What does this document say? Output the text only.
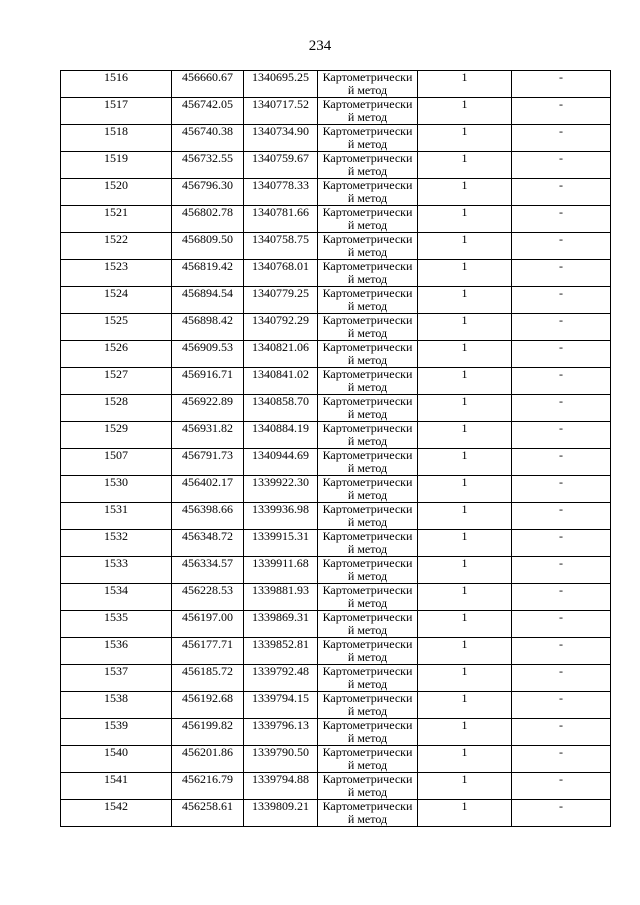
234
1516	456660.67	1340695.25	Картометрически
й метод	1	-
1517	456742.05	1340717.52	Картометрически
й метод	1	-
1518	456740.38	1340734.90	Картометрически
й метод	1	-
1519	456732.55	1340759.67	Картометрически
й метод	1	-
1520	456796.30	1340778.33	Картометрически
й метод	1	-
1521	456802.78	1340781.66	Картометрически
й метод	1	-
1522	456809.50	1340758.75	Картометрически
й метод	1	-
1523	456819.42	1340768.01	Картометрически
й метод	1	-
1524	456894.54	1340779.25	Картометрически
й метод	1	-
1525	456898.42	1340792.29	Картометрически
й метод	1	-
1526	456909.53	1340821.06	Картометрически
й метод	1	-
1527	456916.71	1340841.02	Картометрически
й метод	1	-
1528	456922.89	1340858.70	Картометрически
й метод	1	-
1529	456931.82	1340884.19	Картометрически
й метод	1	-
1507	456791.73	1340944.69	Картометрически
й метод	1	-
1530	456402.17	1339922.30	Картометрически
й метод	1	-
1531	456398.66	1339936.98	Картометрически
й метод	1	-
1532	456348.72	1339915.31	Картометрически
й метод	1	-
1533	456334.57	1339911.68	Картометрически
й метод	1	-
1534	456228.53	1339881.93	Картометрически
й метод	1	-
1535	456197.00	1339869.31	Картометрически
й метод	1	-
1536	456177.71	1339852.81	Картометрически
й метод	1	-
1537	456185.72	1339792.48	Картометрически
й метод	1	-
1538	456192.68	1339794.15	Картометрически
й метод	1	-
1539	456199.82	1339796.13	Картометрически
й метод	1	-
1540	456201.86	1339790.50	Картометрически
й метод	1	-
1541	456216.79	1339794.88	Картометрически
й метод	1	-
1542	456258.61	1339809.21	Картометрически
й метод	1	-
